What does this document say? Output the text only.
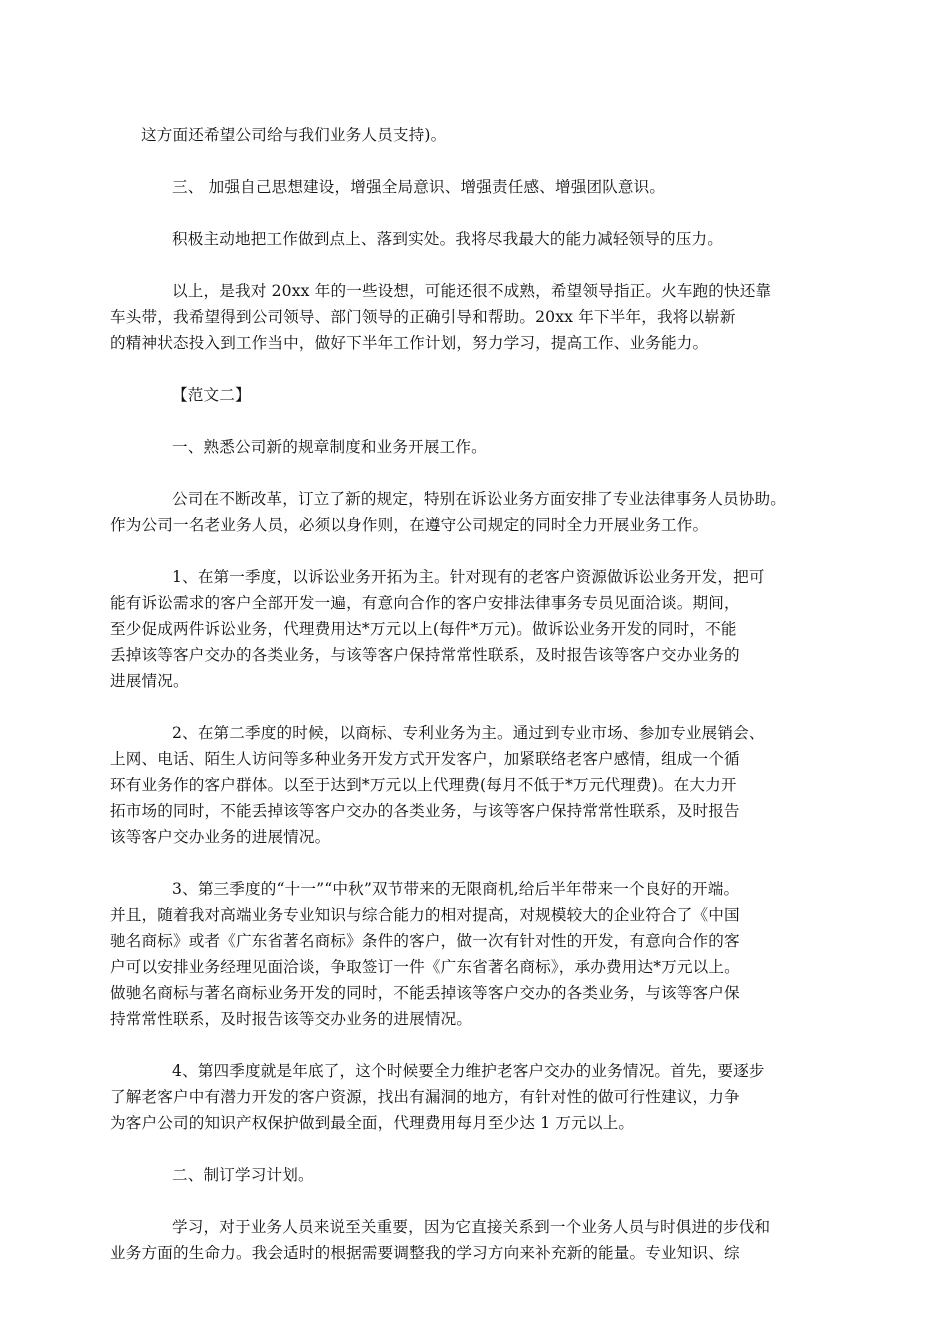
这方面还希望公司给与我们业务人员支持)。

三、 加强自己思想建设，增强全局意识、增强责任感、增强团队意识。

积极主动地把工作做到点上、落到实处。我将尽我最大的能力减轻领导的压力。

以上，是我对 20xx 年的一些设想，可能还很不成熟，希望领导指正。火车跑的快还靠
车头带，我希望得到公司领导、部门领导的正确引导和帮助。20xx 年下半年，我将以崭新
的精神状态投入到工作当中，做好下半年工作计划，努力学习，提高工作、业务能力。

【范文二】

一、熟悉公司新的规章制度和业务开展工作。

公司在不断改革，订立了新的规定，特别在诉讼业务方面安排了专业法律事务人员协助。
作为公司一名老业务人员，必须以身作则，在遵守公司规定的同时全力开展业务工作。

1、在第一季度，以诉讼业务开拓为主。针对现有的老客户资源做诉讼业务开发，把可
能有诉讼需求的客户全部开发一遍，有意向合作的客户安排法律事务专员见面洽谈。期间，
至少促成两件诉讼业务，代理费用达*万元以上(每件*万元)。做诉讼业务开发的同时，不能
丢掉该等客户交办的各类业务，与该等客户保持常常性联系，及时报告该等客户交办业务的
进展情况。

2、在第二季度的时候，以商标、专利业务为主。通过到专业市场、参加专业展销会、
上网、电话、陌生人访问等多种业务开发方式开发客户，加紧联络老客户感情，组成一个循
环有业务作的客户群体。以至于达到*万元以上代理费(每月不低于*万元代理费)。在大力开
拓市场的同时，不能丢掉该等客户交办的各类业务，与该等客户保持常常性联系，及时报告
该等客户交办业务的进展情况。

3、第三季度的“十一”“中秋”双节带来的无限商机,给后半年带来一个良好的开端。
并且，随着我对高端业务专业知识与综合能力的相对提高，对规模较大的企业符合了《中国
驰名商标》或者《广东省著名商标》条件的客户，做一次有针对性的开发，有意向合作的客
户可以安排业务经理见面洽谈，争取签订一件《广东省著名商标》，承办费用达*万元以上。
做驰名商标与著名商标业务开发的同时，不能丢掉该等客户交办的各类业务，与该等客户保
持常常性联系，及时报告该等交办业务的进展情况。

4、第四季度就是年底了，这个时候要全力维护老客户交办的业务情况。首先，要逐步
了解老客户中有潜力开发的客户资源，找出有漏洞的地方，有针对性的做可行性建议，力争
为客户公司的知识产权保护做到最全面，代理费用每月至少达 1 万元以上。

二、制订学习计划。

学习，对于业务人员来说至关重要，因为它直接关系到一个业务人员与时俱进的步伐和
业务方面的生命力。我会适时的根据需要调整我的学习方向来补充新的能量。专业知识、综
